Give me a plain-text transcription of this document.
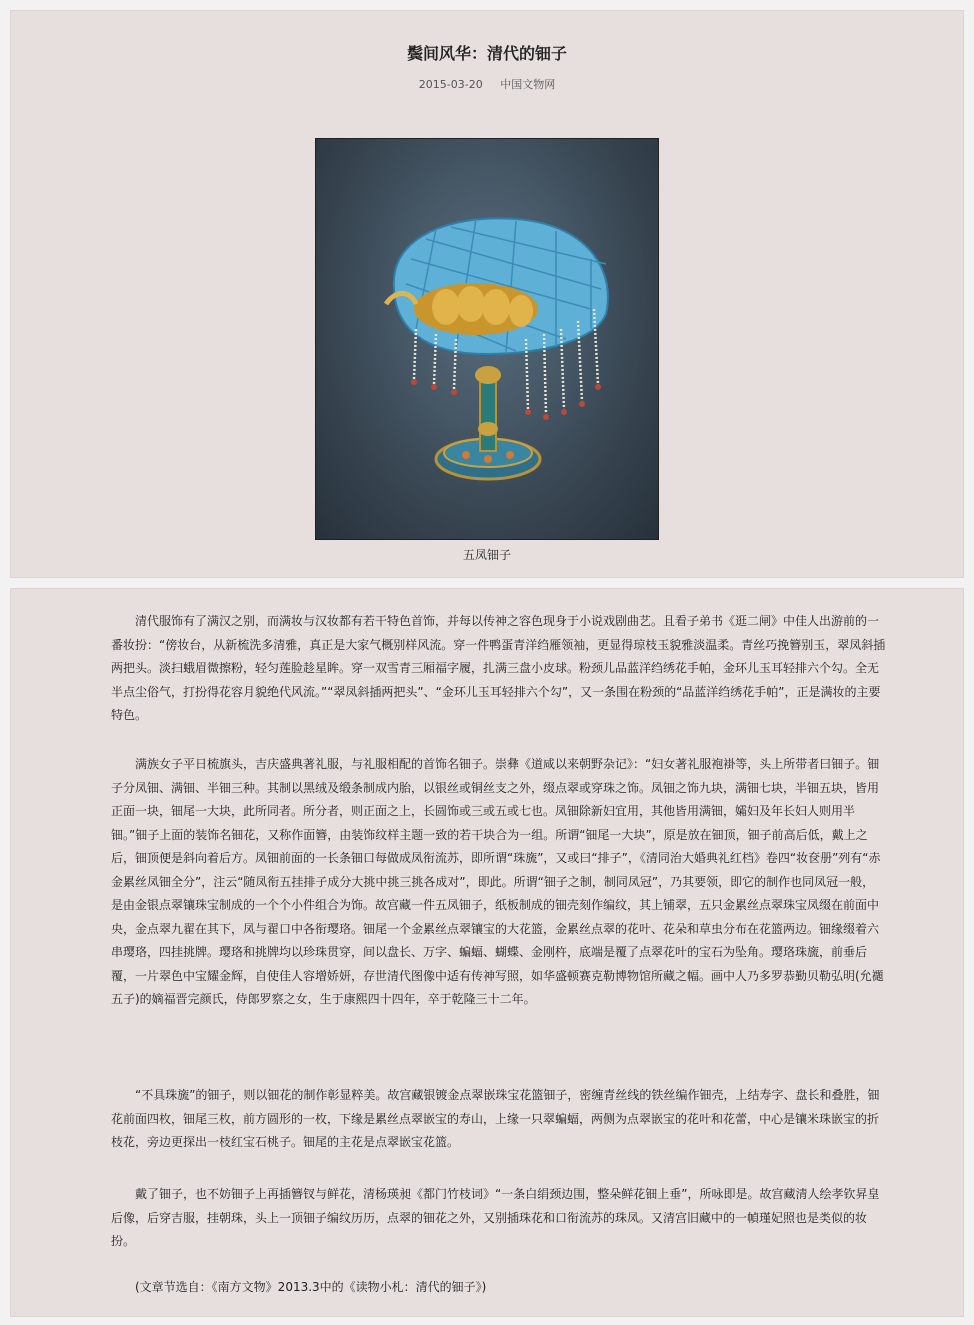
鬓间风华：清代的钿子
2015-03-20 中国文物网
五凤钿子

清代服饰有了满汉之别，而满妆与汉妆都有若干特色首饰，并每以传神之容色现身于小说戏剧曲艺。且看子弟书《逛二闸》中佳人出游前的一番妆扮：“傍妆台，从新梳洗多清雅，真正是大家气概别样风流。穿一件鸭蛋青洋绉雁领袖，更显得琼枝玉貌雅淡温柔。青丝巧挽簪别玉，翠凤斜插两把头。淡扫蛾眉微擦粉，轻匀莲脸趁星眸。穿一双雪青三厢福字履，扎满三盘小皮球。粉颈儿品蓝洋绉绣花手帕，金环儿玉耳轻排六个勾。全无半点尘俗气，打扮得花容月貌绝代风流。”“翠凤斜插两把头”、“金环儿玉耳轻排六个勾”，又一条围在粉颈的“品蓝洋绉绣花手帕”，正是满妆的主要特色。

满族女子平日梳旗头，吉庆盛典著礼服，与礼服相配的首饰名钿子。崇彝《道咸以来朝野杂记》：“妇女著礼服袍褂等，头上所带者曰钿子。钿子分凤钿、满钿、半钿三种。其制以黑绒及缎条制成内胎，以银丝或铜丝支之外，缀点翠或穿珠之饰。凤钿之饰九块，满钿七块，半钿五块，皆用正面一块，钿尾一大块，此所同者。所分者，则正面之上，长圆饰或三或五或七也。凤钿除新妇宜用，其他皆用满钿，孀妇及年长妇人则用半钿。”钿子上面的装饰名钿花，又称作面簪，由装饰纹样主题一致的若干块合为一组。所谓“钿尾一大块”，原是放在钿顶，钿子前高后低，戴上之后，钿顶便是斜向着后方。凤钿前面的一长条钿口每做成凤衔流苏，即所谓“珠旒”，又或曰“排子”，《清同治大婚典礼红档》卷四“妆奁册”列有“赤金累丝凤钿全分”，注云“随凤衔五挂排子成分大挑中挑三挑各成对”，即此。所谓“钿子之制，制同凤冠”，乃其要领，即它的制作也同凤冠一般，是由金银点翠镶珠宝制成的一个个小件组合为饰。故宫藏一件五凤钿子，纸板制成的钿壳刻作编纹，其上铺翠，五只金累丝点翠珠宝凤缀在前面中央，金点翠九翟在其下，凤与翟口中各衔璎珞。钿尾一个金累丝点翠镶宝的大花篮，金累丝点翠的花叶、花朵和草虫分布在花篮两边。钿缘缀着六串璎珞，四挂挑牌。璎珞和挑牌均以珍珠贯穿，间以盘长、万字、蝙蝠、蝴蝶、金刚杵，底端是覆了点翠花叶的宝石为坠角。璎珞珠旒，前垂后覆，一片翠色中宝耀金辉，自使佳人容增娇妍，存世清代图像中适有传神写照，如华盛顿赛克勒博物馆所藏之幅。画中人乃多罗恭勤贝勒弘明(允禵五子)的嫡福晋完颜氏，侍郎罗察之女，生于康熙四十四年，卒于乾隆三十二年。

“不具珠旒”的钿子，则以钿花的制作彰显粹美。故宫藏银镀金点翠嵌珠宝花篮钿子，密缠青丝线的铁丝编作钿壳，上结寿字、盘长和叠胜，钿花前面四枚，钿尾三枚，前方圆形的一枚，下缘是累丝点翠嵌宝的寿山，上缘一只翠蝙蝠，两侧为点翠嵌宝的花叶和花蕾，中心是镶米珠嵌宝的折枝花，旁边更探出一枝红宝石桃子。钿尾的主花是点翠嵌宝花篮。

戴了钿子，也不妨钿子上再插簪钗与鲜花，清杨瑛昶《都门竹枝词》“一条白绢颈边围，整朵鲜花钿上垂”，所咏即是。故宫藏清人绘孝钦昇皇后像，后穿吉服，挂朝珠，头上一顶钿子编纹历历，点翠的钿花之外，又别插珠花和口衔流苏的珠凤。又清宫旧藏中的一幀瑾妃照也是类似的妆扮。

(文章节选自：《南方文物》2013.3中的《读物小札：清代的钿子》)
